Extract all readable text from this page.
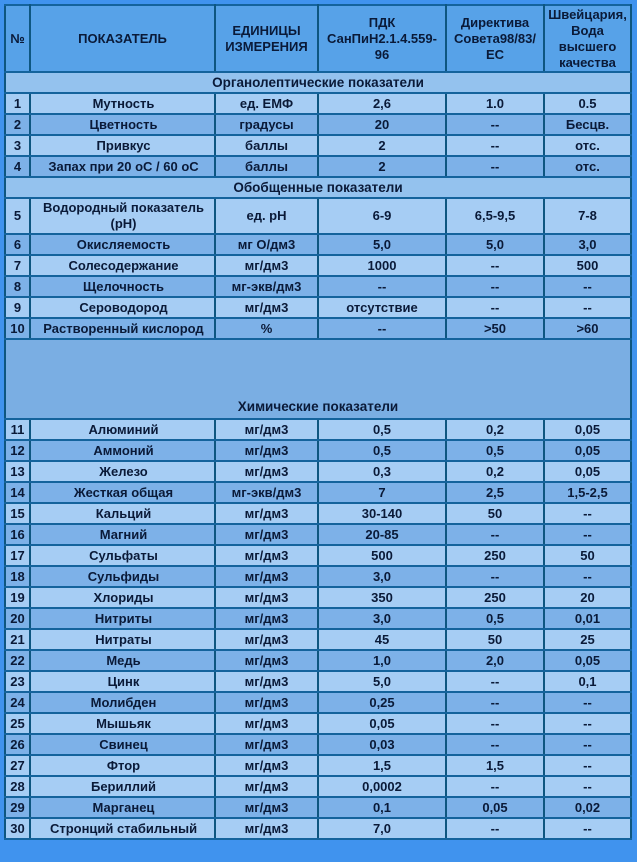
№	ПОКАЗАТЕЛЬ	ЕДИНИЦЫ ИЗМЕРЕНИЯ	ПДК СанПиН2.1.4.559-96	Директива Совета98/83/ЕС	Швейцария, Вода высшего качества
Органолептические показатели					
1	Мутность	ед. ЕМФ	2,6	1.0	0.5
2	Цветность	градусы	20	--	Бесцв.
3	Привкус	баллы	2	--	отс.
4	Запах при 20 оС / 60 оС	баллы	2	--	отс.
Обобщенные показатели					
5	Водородный показатель (рН)	ед. рН	6-9	6,5-9,5	7-8
6	Окисляемость	мг О/дм3	5,0	5,0	3,0
7	Солесодержание	мг/дм3	1000	--	500
8	Щелочность	мг-экв/дм3	--	--	--
9	Сероводород	мг/дм3	отсутствие	--	--
10	Растворенный кислород	%	--	>50	>60
Химические показатели					
11	Алюминий	мг/дм3	0,5	0,2	0,05
12	Аммоний	мг/дм3	0,5	0,5	0,05
13	Железо	мг/дм3	0,3	0,2	0,05
14	Жесткая общая	мг-экв/дм3	7	2,5	1,5-2,5
15	Кальций	мг/дм3	30-140	50	--
16	Магний	мг/дм3	20-85	--	--
17	Сульфаты	мг/дм3	500	250	50
18	Сульфиды	мг/дм3	3,0	--	--
19	Хлориды	мг/дм3	350	250	20
20	Нитриты	мг/дм3	3,0	0,5	0,01
21	Нитраты	мг/дм3	45	50	25
22	Медь	мг/дм3	1,0	2,0	0,05
23	Цинк	мг/дм3	5,0	--	0,1
24	Молибден	мг/дм3	0,25	--	--
25	Мышьяк	мг/дм3	0,05	--	--
26	Свинец	мг/дм3	0,03	--	--
27	Фтор	мг/дм3	1,5	1,5	--
28	Бериллий	мг/дм3	0,0002	--	--
29	Марганец	мг/дм3	0,1	0,05	0,02
30	Стронций стабильный	мг/дм3	7,0	--	--
